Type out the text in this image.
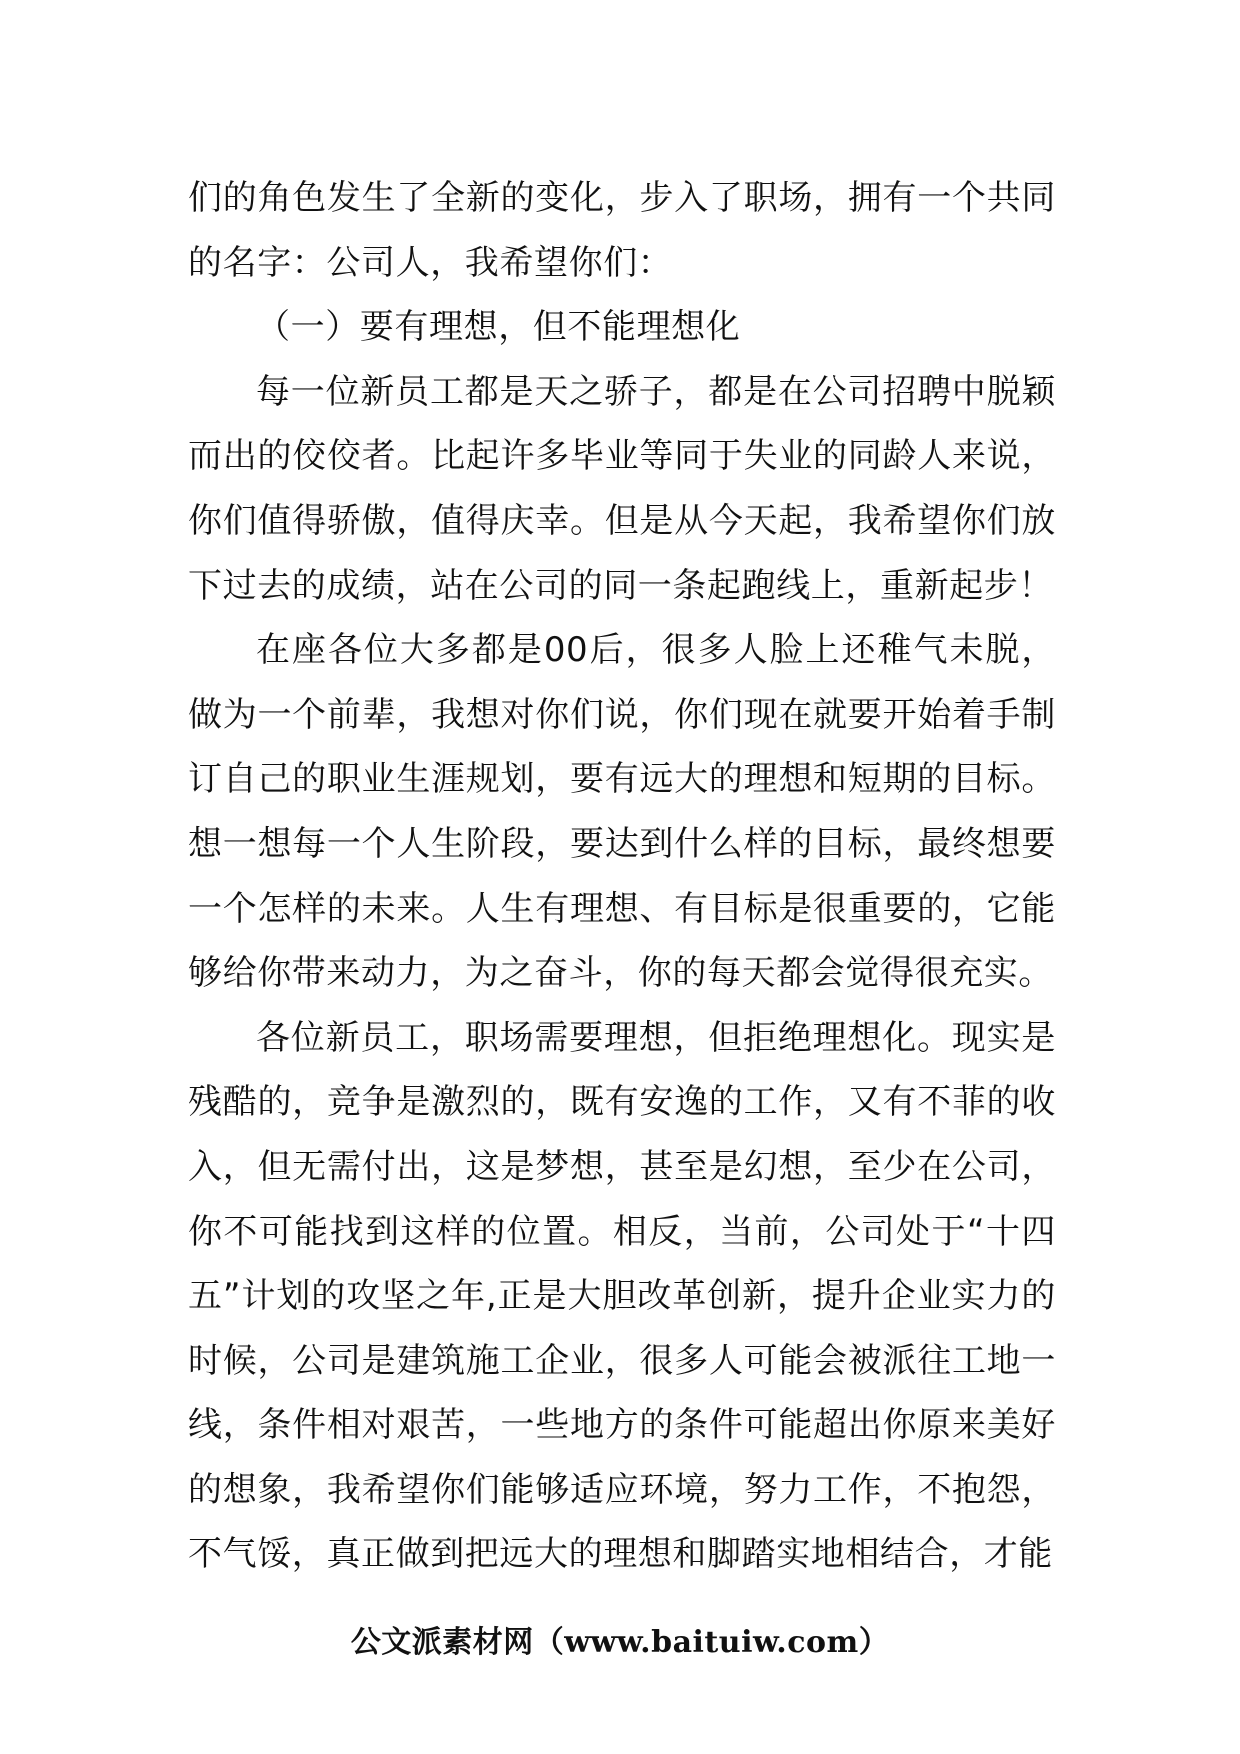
们的角色发生了全新的变化，步入了职场，拥有一个共同的名字：公司人，我希望你们：

（一）要有理想，但不能理想化

每一位新员工都是天之骄子，都是在公司招聘中脱颖而出的佼佼者。比起许多毕业等同于失业的同龄人来说，你们值得骄傲，值得庆幸。但是从今天起，我希望你们放下过去的成绩，站在公司的同一条起跑线上，重新起步！

在座各位大多都是00后，很多人脸上还稚气未脱，做为一个前辈，我想对你们说，你们现在就要开始着手制订自己的职业生涯规划，要有远大的理想和短期的目标。想一想每一个人生阶段，要达到什么样的目标，最终想要一个怎样的未来。人生有理想、有目标是很重要的，它能够给你带来动力，为之奋斗，你的每天都会觉得很充实。

各位新员工，职场需要理想，但拒绝理想化。现实是残酷的，竞争是激烈的，既有安逸的工作，又有不菲的收入，但无需付出，这是梦想，甚至是幻想，至少在公司，你不可能找到这样的位置。相反，当前，公司处于“十四五”计划的攻坚之年,正是大胆改革创新，提升企业实力的时候，公司是建筑施工企业，很多人可能会被派往工地一线，条件相对艰苦，一些地方的条件可能超出你原来美好的想象，我希望你们能够适应环境，努力工作，不抱怨，不气馁，真正做到把远大的理想和脚踏实地相结合，才能

公文派素材网（www.baituiw.com）
